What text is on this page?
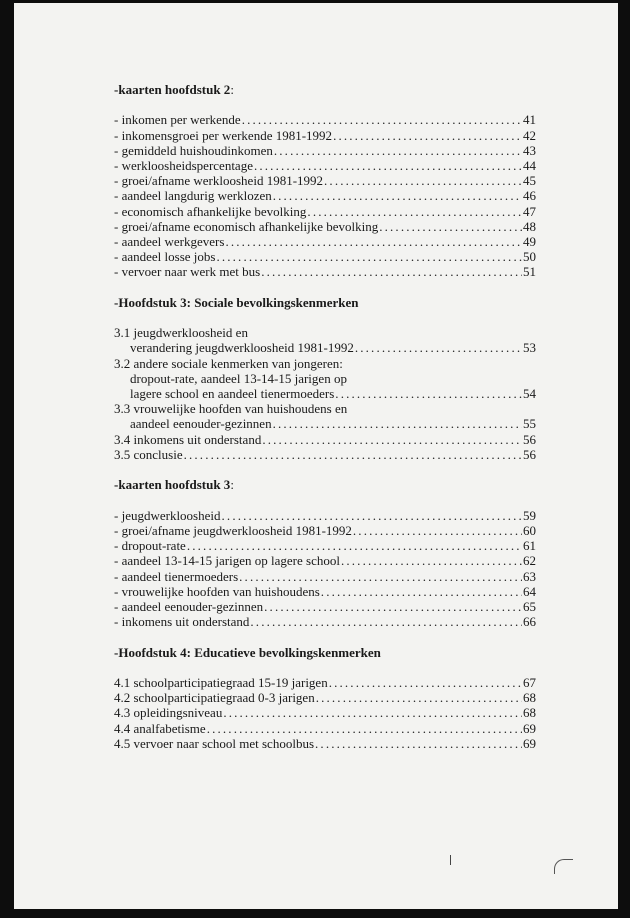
- kaarten hoofdstuk 2 :
- inkomen per werkende . . .	41
- inkomensgroei per werkende 1981-1992 . . .	42
- gemiddeld huishoudinkomen . . .	43
- werkloosheidspercentage . . .	44
- groei/afname werkloosheid 1981-1992 . . .	45
- aandeel langdurig werklozen . . .	46
- economisch afhankelijke bevolking . . .	47
- groei/afname economisch afhankelijke bevolking . . .	48
- aandeel werkgevers . . .	49
- aandeel losse jobs . . .	50
- vervoer naar werk met bus . . .	51
- Hoofdstuk 3: Sociale bevolkingskenmerken
3.1 jeugdwerkloosheid en
verandering jeugdwerkloosheid 1981-1992 . . .	53
3.2 andere sociale kenmerken van jongeren:
dropout-rate, aandeel 13-14-15 jarigen op
lagere school en aandeel tienermoeders . . .	54
3.3 vrouwelijke hoofden van huishoudens en
aandeel eenouder-gezinnen . . .	55
3.4 inkomens uit onderstand . . .	56
3.5 conclusie . . .	56
- kaarten hoofdstuk 3 :
- jeugdwerkloosheid . . .	59
- groei/afname jeugdwerkloosheid 1981-1992 . . .	60
- dropout-rate . . .	61
- aandeel 13-14-15 jarigen op lagere school . . .	62
- aandeel tienermoeders . . .	63
- vrouwelijke hoofden van huishoudens . . .	64
- aandeel eenouder-gezinnen . . .	65
- inkomens uit onderstand . . .	66
- Hoofdstuk 4: Educatieve bevolkingskenmerken
4.1 schoolparticipatiegraad 15-19 jarigen . . .	67
4.2 schoolparticipatiegraad 0-3 jarigen . . .	68
4.3 opleidingsniveau . . .	68
4.4 analfabetisme . . .	69
4.5 vervoer naar school met schoolbus . . .	69
